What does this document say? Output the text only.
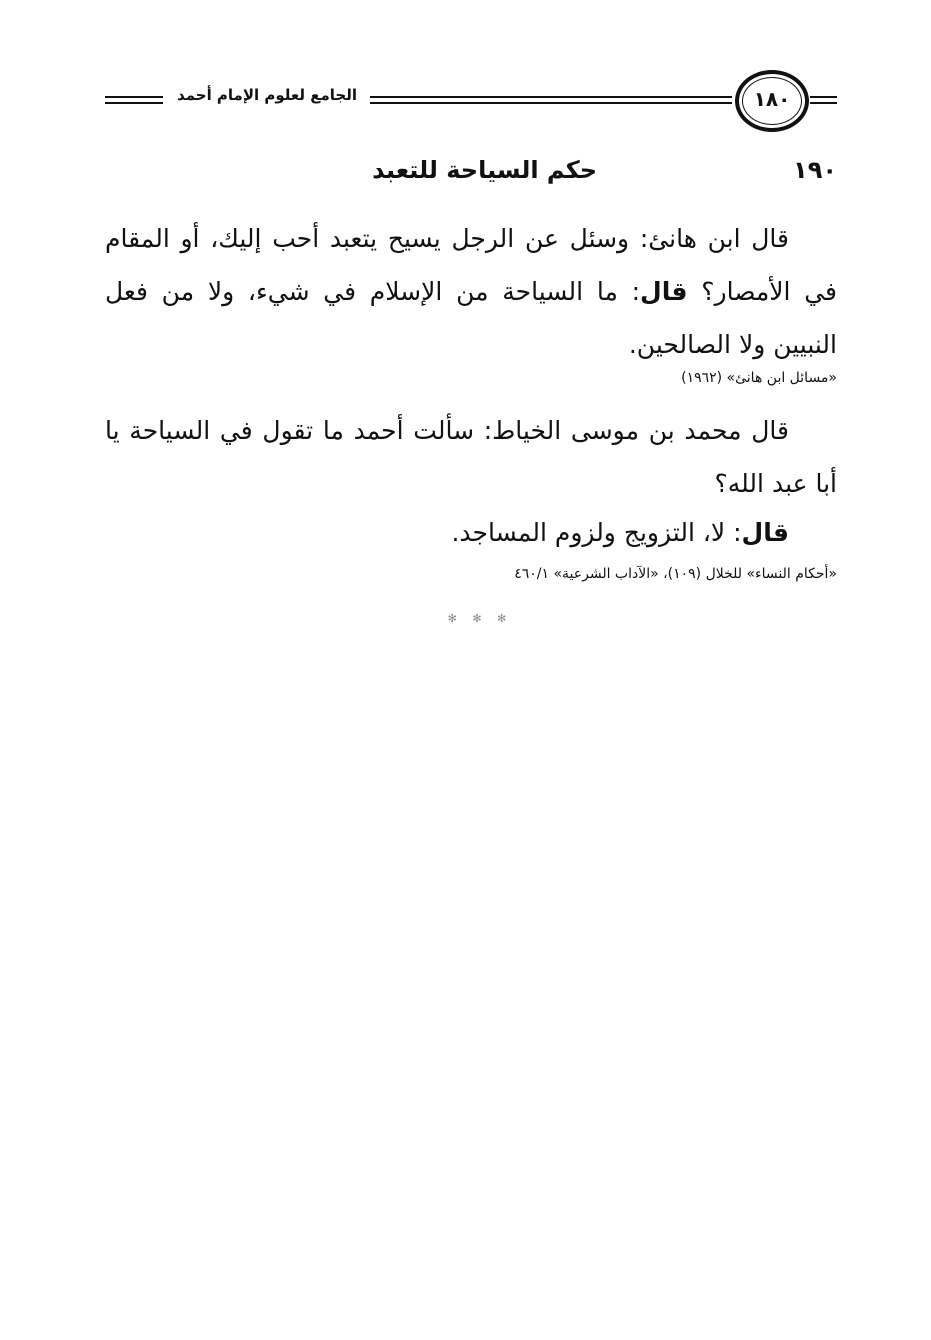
الجامع لعلوم الإمام أحمد	١٨٠
١٩٠
حكم السياحة للتعبد
قال ابن هانئ: وسئل عن الرجل يسيح يتعبد أحب إليك، أو المقام في الأمصار؟ قال: ما السياحة من الإسلام في شيء، ولا من فعل النبيين ولا الصالحين.
«مسائل ابن هانئ» (١٩٦٢)
قال محمد بن موسى الخياط: سألت أحمد ما تقول في السياحة يا أبا عبد الله؟
قال: لا، التزويج ولزوم المساجد.
«أحكام النساء» للخلال (١٠٩)، «الآداب الشرعية» ٤٦٠/١
✻ ✻ ✻
